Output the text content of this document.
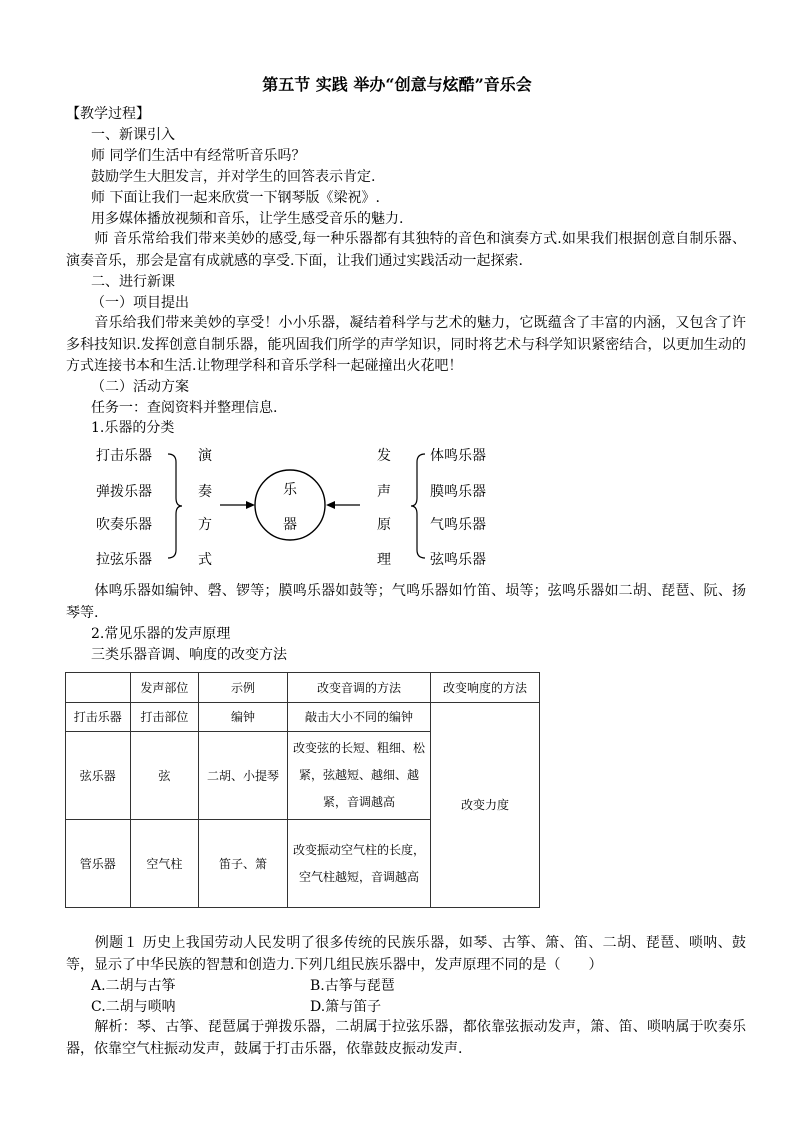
第五节 实践 举办“创意与炫酷”音乐会
【教学过程】
一、新课引入
师 同学们生活中有经常听音乐吗？
鼓励学生大胆发言，并对学生的回答表示肯定.
师 下面让我们一起来欣赏一下钢琴版《梁祝》.
用多媒体播放视频和音乐，让学生感受音乐的魅力.
　　师 音乐常给我们带来美妙的感受,每一种乐器都有其独特的音色和演奏方式.如果我们根据创意自制乐器、演奏音乐，那会是富有成就感的享受.下面，让我们通过实践活动一起探索.
二、进行新课
（一）项目提出
　　音乐给我们带来美妙的享受！小小乐器，凝结着科学与艺术的魅力，它既蕴含了丰富的内涵，又包含了许多科技知识.发挥创意自制乐器，能巩固我们所学的声学知识，同时将艺术与科学知识紧密结合，以更加生动的方式连接书本和生活.让物理学科和音乐学科一起碰撞出火花吧！
（二）活动方案
任务一：查阅资料并整理信息.
1.乐器的分类
打击乐器
弹拨乐器
吹奏乐器
拉弦乐器
演
奏
方
式
乐
器
发
声
原
理
体鸣乐器
膜鸣乐器
气鸣乐器
弦鸣乐器
　　体鸣乐器如编钟、磬、锣等；膜鸣乐器如鼓等；气鸣乐器如竹笛、埙等；弦鸣乐器如二胡、琵琶、阮、扬琴等.
2.常见乐器的发声原理
三类乐器音调、响度的改变方法
	发声部位	示例	改变音调的方法	改变响度的方法
打击乐器	打击部位	编钟	敲击大小不同的编钟	改变力度
弦乐器	弦	二胡、小提琴	改变弦的长短、粗细、松紧，弦越短、越细、越紧，音调越高	
管乐器	空气柱	笛子、箫	改变振动空气柱的长度，空气柱越短，音调越高	
　　例题１ 历史上我国劳动人民发明了很多传统的民族乐器，如琴、古筝、箫、笛、二胡、琵琶、唢呐、鼓等，显示了中华民族的智慧和创造力.下列几组民族乐器中，发声原理不同的是（　　）
A.二胡与古筝	B.古筝与琵琶
C.二胡与唢呐	D.箫与笛子
　　解析：琴、古筝、琵琶属于弹拨乐器，二胡属于拉弦乐器，都依靠弦振动发声，箫、笛、唢呐属于吹奏乐器，依靠空气柱振动发声，鼓属于打击乐器，依靠鼓皮振动发声.
